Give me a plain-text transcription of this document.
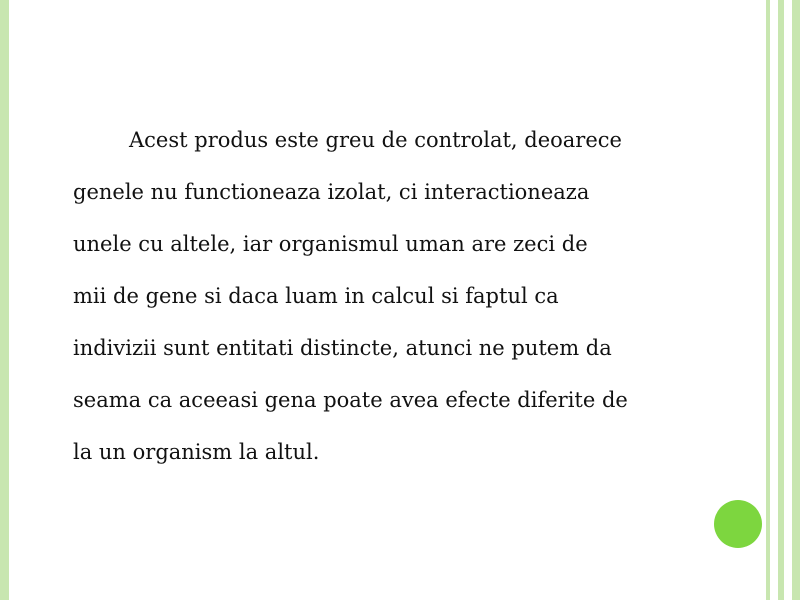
Acest produs este greu de controlat, deoarece
genele nu functioneaza izolat, ci interactioneaza
unele cu altele, iar organismul uman are zeci de
mii de gene si daca luam in calcul si faptul ca
indivizii sunt entitati distincte, atunci ne putem da
seama ca aceeasi gena poate avea efecte diferite de
la un organism la altul.
